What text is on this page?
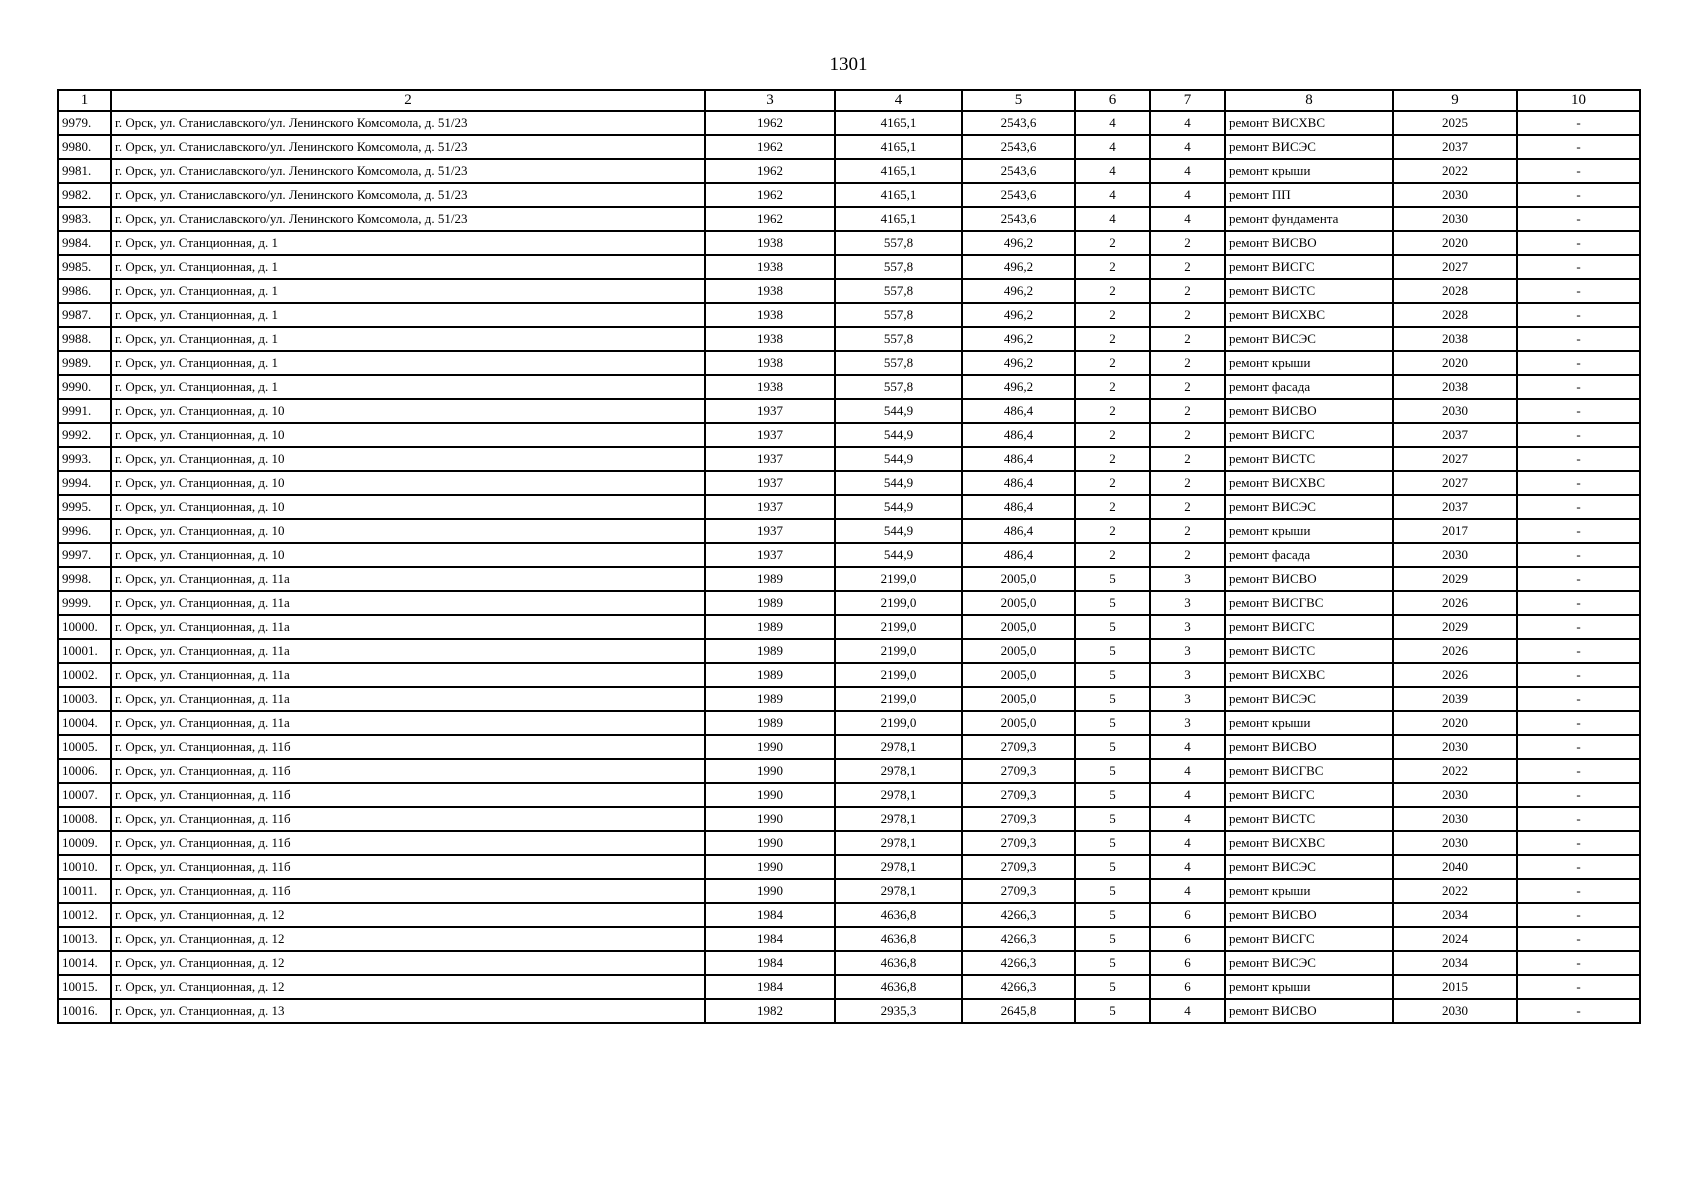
1301
1	2	3	4	5	6	7	8	9	10
9979.	г. Орск, ул. Станиславского/ул. Ленинского Комсомола, д. 51/23	1962	4165,1	2543,6	4	4	ремонт ВИСХВС	2025	-
9980.	г. Орск, ул. Станиславского/ул. Ленинского Комсомола, д. 51/23	1962	4165,1	2543,6	4	4	ремонт ВИСЭС	2037	-
9981.	г. Орск, ул. Станиславского/ул. Ленинского Комсомола, д. 51/23	1962	4165,1	2543,6	4	4	ремонт крыши	2022	-
9982.	г. Орск, ул. Станиславского/ул. Ленинского Комсомола, д. 51/23	1962	4165,1	2543,6	4	4	ремонт ПП	2030	-
9983.	г. Орск, ул. Станиславского/ул. Ленинского Комсомола, д. 51/23	1962	4165,1	2543,6	4	4	ремонт фундамента	2030	-
9984.	г. Орск, ул. Станционная, д. 1	1938	557,8	496,2	2	2	ремонт ВИСВО	2020	-
9985.	г. Орск, ул. Станционная, д. 1	1938	557,8	496,2	2	2	ремонт ВИСГС	2027	-
9986.	г. Орск, ул. Станционная, д. 1	1938	557,8	496,2	2	2	ремонт ВИСТС	2028	-
9987.	г. Орск, ул. Станционная, д. 1	1938	557,8	496,2	2	2	ремонт ВИСХВС	2028	-
9988.	г. Орск, ул. Станционная, д. 1	1938	557,8	496,2	2	2	ремонт ВИСЭС	2038	-
9989.	г. Орск, ул. Станционная, д. 1	1938	557,8	496,2	2	2	ремонт крыши	2020	-
9990.	г. Орск, ул. Станционная, д. 1	1938	557,8	496,2	2	2	ремонт фасада	2038	-
9991.	г. Орск, ул. Станционная, д. 10	1937	544,9	486,4	2	2	ремонт ВИСВО	2030	-
9992.	г. Орск, ул. Станционная, д. 10	1937	544,9	486,4	2	2	ремонт ВИСГС	2037	-
9993.	г. Орск, ул. Станционная, д. 10	1937	544,9	486,4	2	2	ремонт ВИСТС	2027	-
9994.	г. Орск, ул. Станционная, д. 10	1937	544,9	486,4	2	2	ремонт ВИСХВС	2027	-
9995.	г. Орск, ул. Станционная, д. 10	1937	544,9	486,4	2	2	ремонт ВИСЭС	2037	-
9996.	г. Орск, ул. Станционная, д. 10	1937	544,9	486,4	2	2	ремонт крыши	2017	-
9997.	г. Орск, ул. Станционная, д. 10	1937	544,9	486,4	2	2	ремонт фасада	2030	-
9998.	г. Орск, ул. Станционная, д. 11а	1989	2199,0	2005,0	5	3	ремонт ВИСВО	2029	-
9999.	г. Орск, ул. Станционная, д. 11а	1989	2199,0	2005,0	5	3	ремонт ВИСГВС	2026	-
10000.	г. Орск, ул. Станционная, д. 11а	1989	2199,0	2005,0	5	3	ремонт ВИСГС	2029	-
10001.	г. Орск, ул. Станционная, д. 11а	1989	2199,0	2005,0	5	3	ремонт ВИСТС	2026	-
10002.	г. Орск, ул. Станционная, д. 11а	1989	2199,0	2005,0	5	3	ремонт ВИСХВС	2026	-
10003.	г. Орск, ул. Станционная, д. 11а	1989	2199,0	2005,0	5	3	ремонт ВИСЭС	2039	-
10004.	г. Орск, ул. Станционная, д. 11а	1989	2199,0	2005,0	5	3	ремонт крыши	2020	-
10005.	г. Орск, ул. Станционная, д. 11б	1990	2978,1	2709,3	5	4	ремонт ВИСВО	2030	-
10006.	г. Орск, ул. Станционная, д. 11б	1990	2978,1	2709,3	5	4	ремонт ВИСГВС	2022	-
10007.	г. Орск, ул. Станционная, д. 11б	1990	2978,1	2709,3	5	4	ремонт ВИСГС	2030	-
10008.	г. Орск, ул. Станционная, д. 11б	1990	2978,1	2709,3	5	4	ремонт ВИСТС	2030	-
10009.	г. Орск, ул. Станционная, д. 11б	1990	2978,1	2709,3	5	4	ремонт ВИСХВС	2030	-
10010.	г. Орск, ул. Станционная, д. 11б	1990	2978,1	2709,3	5	4	ремонт ВИСЭС	2040	-
10011.	г. Орск, ул. Станционная, д. 11б	1990	2978,1	2709,3	5	4	ремонт крыши	2022	-
10012.	г. Орск, ул. Станционная, д. 12	1984	4636,8	4266,3	5	6	ремонт ВИСВО	2034	-
10013.	г. Орск, ул. Станционная, д. 12	1984	4636,8	4266,3	5	6	ремонт ВИСГС	2024	-
10014.	г. Орск, ул. Станционная, д. 12	1984	4636,8	4266,3	5	6	ремонт ВИСЭС	2034	-
10015.	г. Орск, ул. Станционная, д. 12	1984	4636,8	4266,3	5	6	ремонт крыши	2015	-
10016.	г. Орск, ул. Станционная, д. 13	1982	2935,3	2645,8	5	4	ремонт ВИСВО	2030	-
